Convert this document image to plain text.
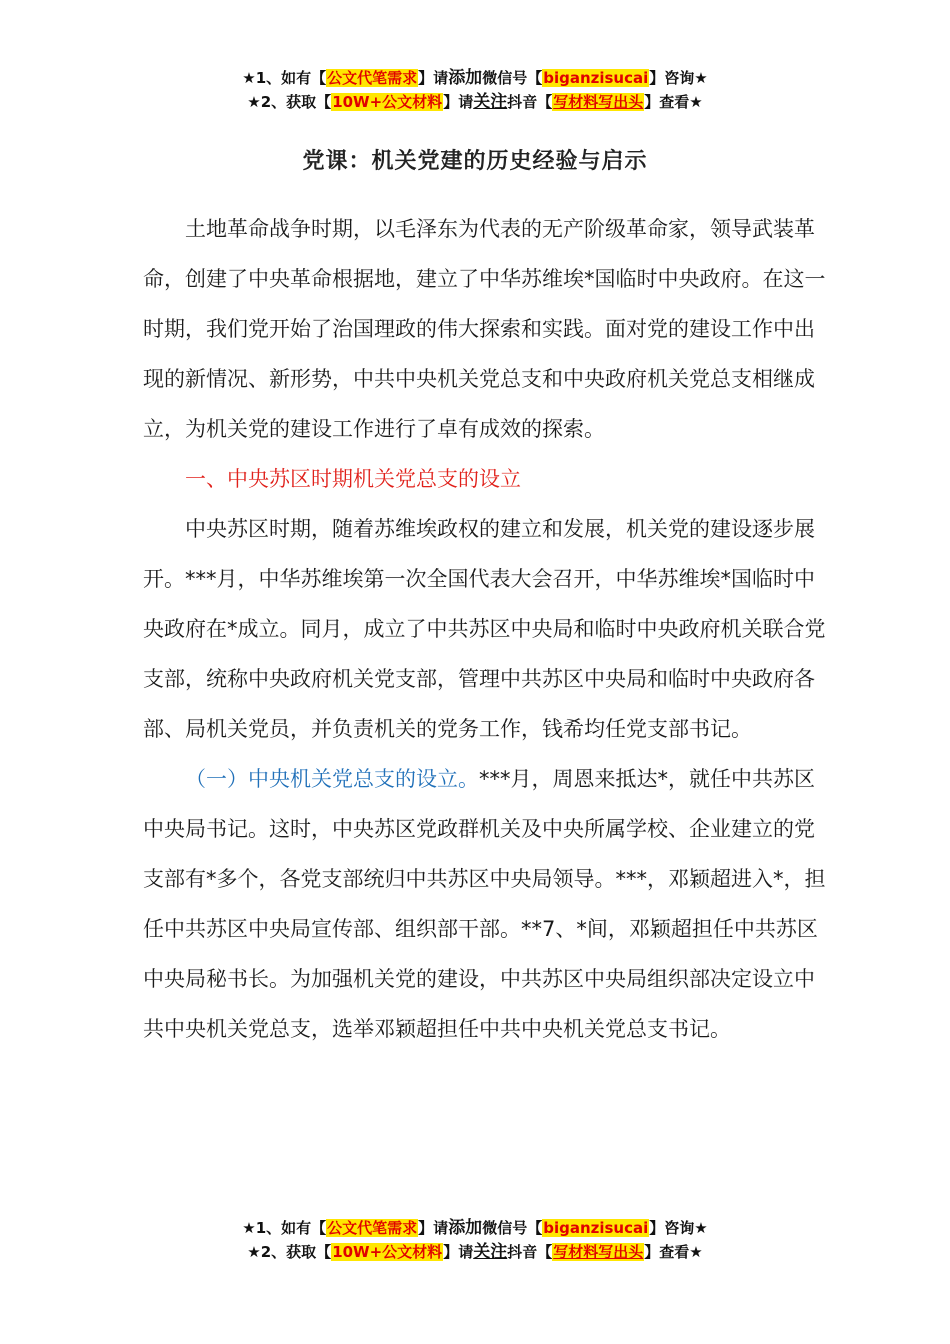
★1、如有【公文代笔需求】请添加微信号【biganzisucai】咨询★
★2、获取【10W+公文材料】请关注抖音【写材料写出头】查看★
党课：机关党建的历史经验与启示

土地革命战争时期，以毛泽东为代表的无产阶级革命家，领导武装革命，创建了中央革命根据地，建立了中华苏维埃*国临时中央政府。在这一时期，我们党开始了治国理政的伟大探索和实践。面对党的建设工作中出现的新情况、新形势，中共中央机关党总支和中央政府机关党总支相继成立，为机关党的建设工作进行了卓有成效的探索。

一、中央苏区时期机关党总支的设立

中央苏区时期，随着苏维埃政权的建立和发展，机关党的建设逐步展开。***月，中华苏维埃第一次全国代表大会召开，中华苏维埃*国临时中央政府在*成立。同月，成立了中共苏区中央局和临时中央政府机关联合党支部，统称中央政府机关党支部，管理中共苏区中央局和临时中央政府各部、局机关党员，并负责机关的党务工作，钱希均任党支部书记。

（一）中央机关党总支的设立。***月，周恩来抵达*，就任中共苏区中央局书记。这时，中央苏区党政群机关及中央所属学校、企业建立的党支部有*多个，各党支部统归中共苏区中央局领导。***，邓颖超进入*，担任中共苏区中央局宣传部、组织部干部。**7、*间，邓颖超担任中共苏区中央局秘书长。为加强机关党的建设，中共苏区中央局组织部决定设立中共中央机关党总支，选举邓颖超担任中共中央机关党总支书记。

★1、如有【公文代笔需求】请添加微信号【biganzisucai】咨询★
★2、获取【10W+公文材料】请关注抖音【写材料写出头】查看★
